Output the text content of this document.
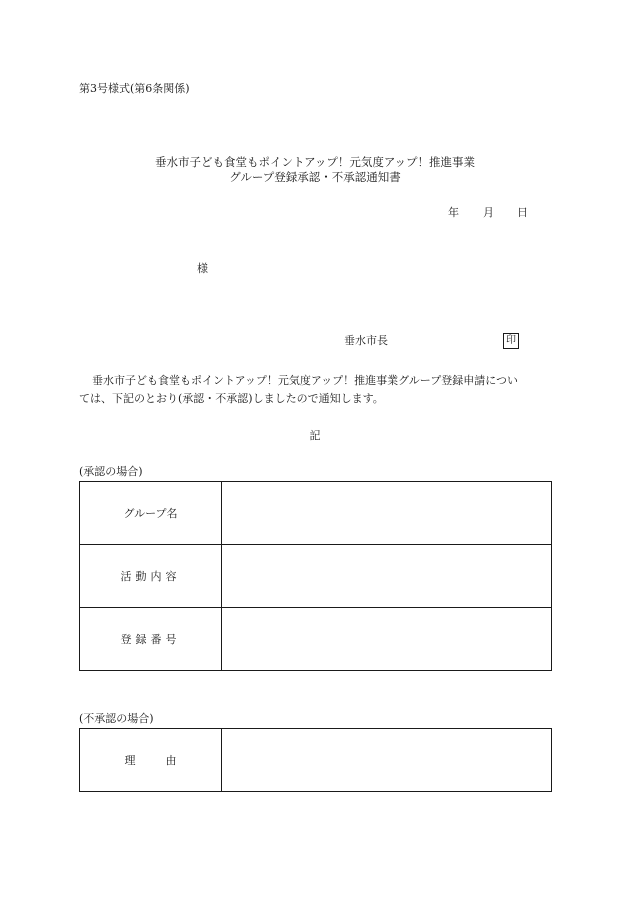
第3号様式(第6条関係)
垂水市子ども食堂もポイントアップ！元気度アップ！推進事業
グループ登録承認・不承認通知書
年 月 日
様
垂水市長	印
垂水市子ども食堂もポイントアップ！元気度アップ！推進事業グループ登録申請につい
ては、下記のとおり(承認・不承認)しましたので通知します。
記
(承認の場合)
グループ名	
活動内容	
登録番号	
(不承認の場合)
理由	
